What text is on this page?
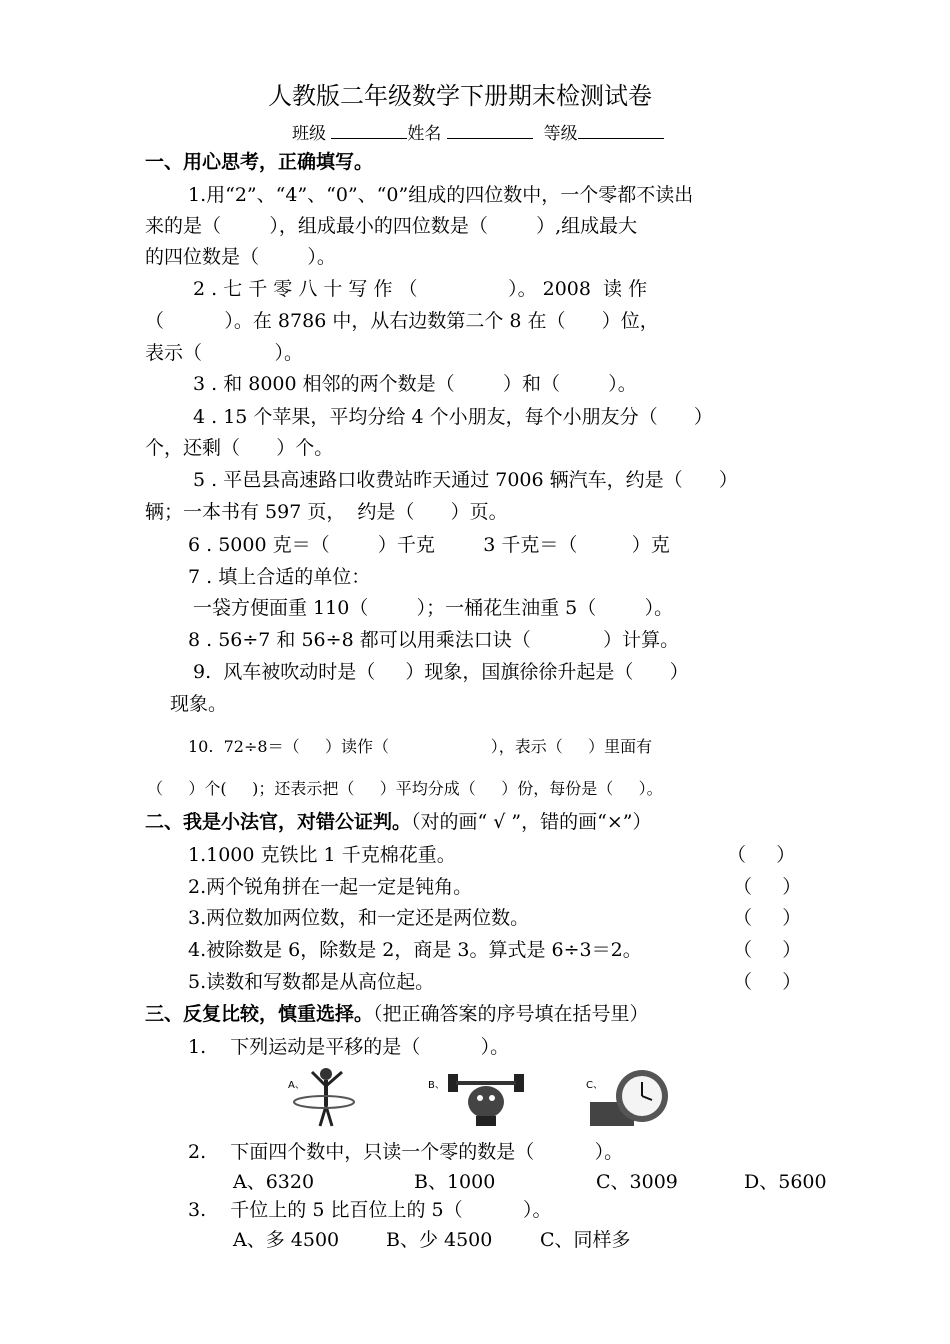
人教版二年级数学下册期末检测试卷
班级	姓名	等级
一、用心思考，正确填写。
1.用“2”、“4”、“0”、“0”组成的四位数中，一个零都不读出
来的是（        ），组成最小的四位数是（        ）,组成最大
的四位数是（        ）。
2 . 七 千 零 八 十 写 作 （               ）。 2008  读 作
（          ）。在 8786 中，从右边数第二个 8 在（      ）位，
表示（            ）。
3 . 和 8000 相邻的两个数是（        ）和（        ）。
4 . 15 个苹果，平均分给 4 个小朋友，每个小朋友分（      ）
个，还剩（      ）个。
5 . 平邑县高速路口收费站昨天通过 7006 辆汽车，约是（      ）
辆；一本书有 597 页，  约是（      ）页。
6 . 5000 克＝（        ）千克        3 千克＝（         ）克
7 . 填上合适的单位：
一袋方便面重 110（        ）；一桶花生油重 5（        ）。
8 . 56÷7 和 56÷8 都可以用乘法口诀（            ）计算。
9.  风车被吹动时是（     ）现象，国旗徐徐升起是（      ）
现象。
10.  72÷8＝（     ）读作（                    ），表示（     ）里面有
（     ）个(     )；还表示把（     ）平均分成（     ）份，每份是（     ）。
二、我是小法官，对错公证判。（对的画“ √ ”，错的画“×”）
1.1000 克铁比 1 千克棉花重。	（     ）
2.两个锐角拼在一起一定是钝角。	（     ）
3.两位数加两位数，和一定还是两位数。	（     ）
4.被除数是 6，除数是 2，商是 3。算式是 6÷3＝2。	（     ）
5.读数和写数都是从高位起。	（     ）
三、反复比较，慎重选择。（把正确答案的序号填在括号里）
1.    下列运动是平移的是（          ）。
A、	B、	C、
2.    下面四个数中，只读一个零的数是（          ）。
A、6320	B、1000	C、3009	D、5600
3.    千位上的 5 比百位上的 5（          ）。
A、多 4500 B、少 4500	C、同样多
